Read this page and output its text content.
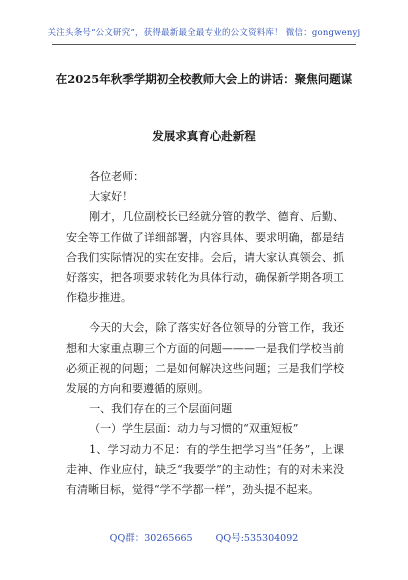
关注头条号“公文研究”，获得最新最全最专业的公文资料库！ 微信：gongwenyj
在2025年秋季学期初全校教师大会上的讲话：聚焦问题谋
发展求真育心赴新程

各位老师：

大家好！

刚才，几位副校长已经就分管的教学、德育、后勤、安全等工作做了详细部署，内容具体、要求明确，都是结合我们实际情况的实在安排。会后，请大家认真领会、抓好落实，把各项要求转化为具体行动，确保新学期各项工作稳步推进。

今天的大会，除了落实好各位领导的分管工作，我还想和大家重点聊三个方面的问题———一是我们学校当前必须正视的问题；二是如何解决这些问题；三是我们学校发展的方向和要遵循的原则。

一、我们存在的三个层面问题

（一）学生层面：动力与习惯的“双重短板”

1、学习动力不足：有的学生把学习当“任务”，上课走神、作业应付，缺乏“我要学”的主动性；有的对未来没有清晰目标，觉得“学不学都一样”，劲头提不起来。

QQ群：30265665 QQ号:535304092
